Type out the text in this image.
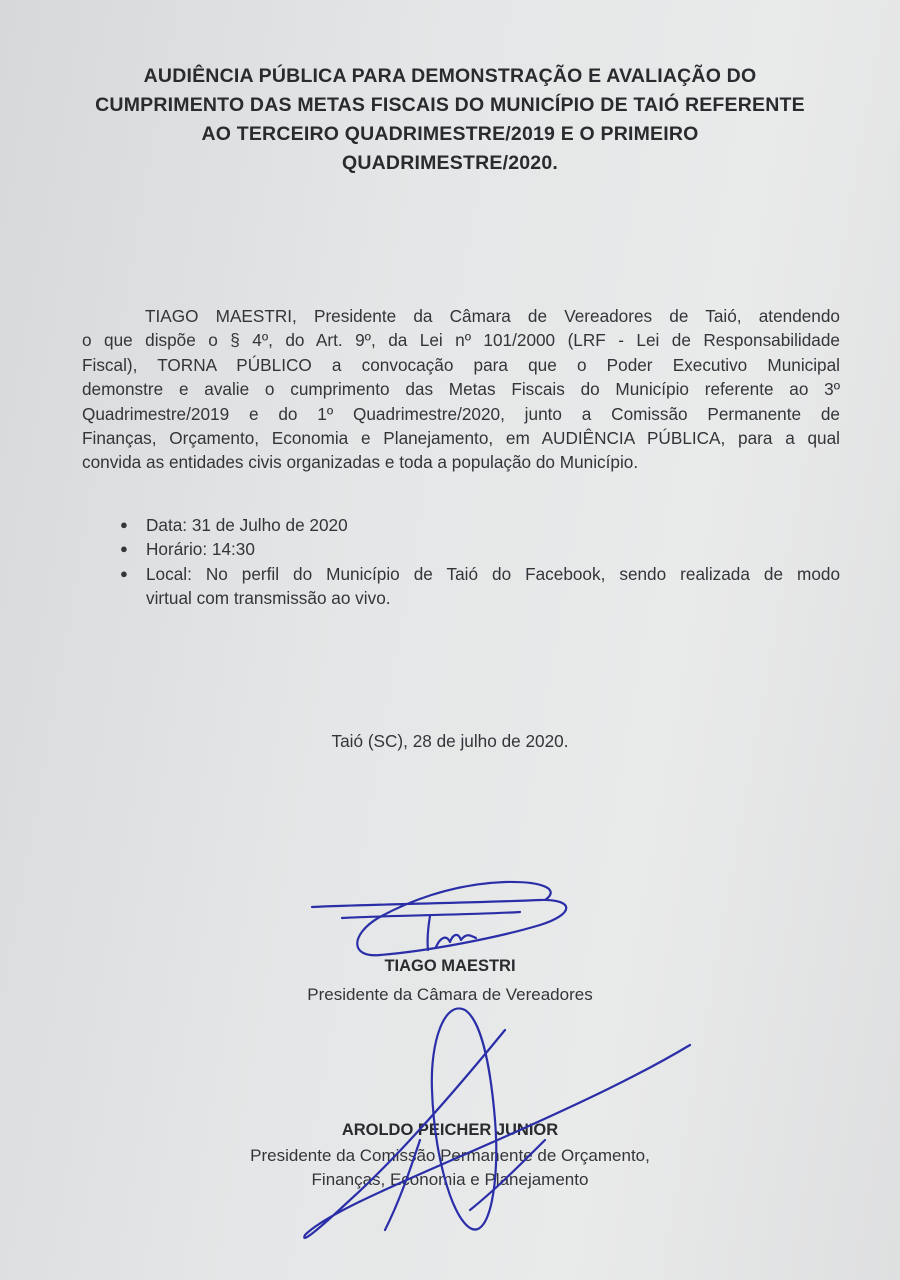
AUDIÊNCIA PÚBLICA PARA DEMONSTRAÇÃO E AVALIAÇÃO DO
CUMPRIMENTO DAS METAS FISCAIS DO MUNICÍPIO DE TAIÓ REFERENTE
AO TERCEIRO QUADRIMESTRE/2019 E O PRIMEIRO
QUADRIMESTRE/2020.
TIAGO MAESTRI, Presidente da Câmara de Vereadores de Taió, atendendo
o que dispõe o § 4º, do Art. 9º, da Lei nº 101/2000 (LRF - Lei de Responsabilidade
Fiscal), TORNA PÚBLICO a convocação para que o Poder Executivo Municipal
demonstre e avalie o cumprimento das Metas Fiscais do Município referente ao 3º
Quadrimestre/2019 e do 1º Quadrimestre/2020, junto a Comissão Permanente de
Finanças, Orçamento, Economia e Planejamento, em AUDIÊNCIA PÚBLICA, para a qual
convida as entidades civis organizadas e toda a população do Município.
● Data: 31 de Julho de 2020
● Horário: 14:30
● Local: No perfil do Município de Taió do Facebook, sendo realizada de modo
virtual com transmissão ao vivo.
Taió (SC), 28 de julho de 2020.
TIAGO MAESTRI
Presidente da Câmara de Vereadores
AROLDO PEICHER JUNIOR
Presidente da Comissão Permanente de Orçamento,
Finanças, Economia e Planejamento
